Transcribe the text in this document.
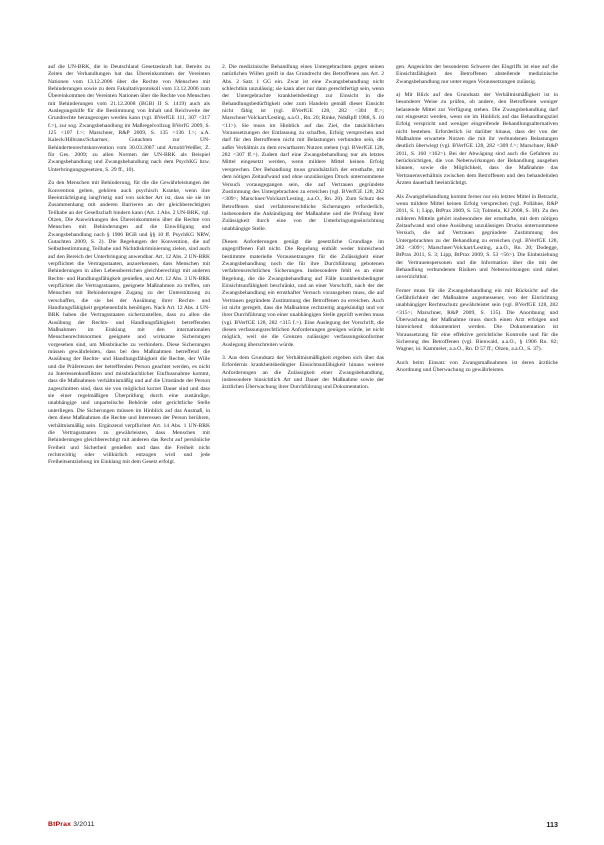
auf die UN-BRK, die in Deutschland Gesetzeskraft hat. Bereits zu Zeiten der Verhandlungen hat das Übereinkommen der Vereinten Nationen vom 13.12.2006 über die Rechte von Menschen mit Behinderungen sowie zu dem Fakultativprotokoll vom 13.12.2006 zum Übereinkommen der Vereinten Nationen über die Rechte von Menschen mit Behinderungen vom 21.12.2008 (BGBl II S. 1419) auch als Auslegungshilfe für die Bestimmung von Inhalt und Reichweite der Grundrechte herangezogen werden kann (vgl. BVerfGE 111, 307 <317 f.>), zur sog. Zwangsbehandlung im Maßregelvollzug BVerfG 2009, S. 125 <107 f.>; Marschner, R&P 2009, S. 135 <136 f.>; a.A. Kaleck/Hilbrans/Scharmer, Gutachten zur UN-Behindertenrechtskonvention vom 30.03.2007 und Arnold/Weißer, Z. für Ges. 2009; zu allen Normen der UN-BRK als Beispiel Zwangsbehandlung und Zwangsbehandlung nach dem PsychKG bzw. Unterbringungsgesetzen, S. 29 ff., 10).

Zu den Menschen mit Behinderung, für die die Gewährleistungen der Konvention gelten, gehören auch psychisch Kranke, wenn ihre Beeinträchtigung langfristig und von solcher Art ist, dass sie sie im Zusammenhang mit anderen Barrieren an der gleichberechtigten Teilhabe an der Gesellschaft hindern kann (Art. 1 Abs. 2 UN-BRK, vgl. Olzen, Die Auswirkungen des Übereinkommens über die Rechte von Menschen mit Behinderungen auf die Einwilligung und Zwangsbehandlung nach § 1906 BGB und §§ 10 ff. PsychKG NRW, Gutachten 2009, S. 2). Die Regelungen der Konvention, die auf Selbstbestimmung, Teilhabe und Nichtdiskriminierung zielen, sind auch auf den Bereich der Unterbringung anwendbar. Art. 12 Abs. 2 UN-BRK verpflichtet die Vertragsstaaten, anzuerkennen, dass Menschen mit Behinderungen in allen Lebensbereichen gleichberechtigt mit anderen Rechts- und Handlungsfähigkeit genießen, und Art. 12 Abs. 3 UN-BRK verpflichtet die Vertragsstaaten, geeignete Maßnahmen zu treffen, um Menschen mit Behinderungen Zugang zu der Unterstützung zu verschaffen, die sie bei der Ausübung ihrer Rechts- und Handlungsfähigkeit gegebenenfalls benötigen. Nach Art. 12 Abs. 4 UN-BRK haben die Vertragsstaaten sicherzustellen, dass zu allen die Ausübung der Rechts- und Handlungsfähigkeit betreffenden Maßnahmen im Einklang mit den internationalen Menschenrechtsnormen geeignete und wirksame Sicherungen vorgesehen sind, um Missbräuche zu verhindern. Diese Sicherungen müssen gewährleisten, dass bei den Maßnahmen betreffend die Ausübung der Rechts- und Handlungsfähigkeit die Rechte, der Wille und die Präferenzen der betreffenden Person geachtet werden, es nicht zu Interessenkonflikten und missbräuchlicher Einflussnahme kommt, dass die Maßnahmen verhältnismäßig und auf die Umstände der Person zugeschnitten sind, dass sie von möglichst kurzer Dauer sind und dass sie einer regelmäßigen Überprüfung durch eine zuständige, unabhängige und unparteiische Behörde oder gerichtliche Stelle unterliegen. Die Sicherungen müssen im Hinblick auf das Ausmaß, in dem diese Maßnahmen die Rechte und Interessen der Person berühren, verhältnismäßig sein. Ergänzend verpflichtet Art. 14 Abs. 1 UN-BRK die Vertragsstaaten zu gewährleisten, dass Menschen mit Behinderungen gleichberechtigt mit anderen das Recht auf persönliche Freiheit und Sicherheit genießen und dass die Freiheit nicht rechtswidrig oder willkürlich entzogen wird und jede Freiheitsentziehung im Einklang mit dem Gesetz erfolgt.

2. Die medizinische Behandlung eines Untergebrachten gegen seinen natürlichen Willen greift in das Grundrecht des Betroffenen aus Art. 2 Abs. 2 Satz 1 GG ein. Zwar ist eine Zwangsbehandlung nicht schlechthin unzulässig; sie kann aber nur dann gerechtfertigt sein, wenn der Untergebrachte krankheitsbedingt zur Einsicht in die Behandlungsbedürftigkeit oder zum Handeln gemäß dieser Einsicht nicht fähig ist (vgl. BVerfGE 128, 282 <304 ff.>; Marschner/Volckart/Lesting, a.a.O., Rn. 20; Rinke, NdsRpfl 1988, S. 10 <11>). Sie muss im Hinblick auf das Ziel, die tatsächlichen Voraussetzungen der Entlassung zu schaffen, Erfolg versprechen und darf für den Betroffenen nicht mit Belastungen verbunden sein, die außer Verhältnis zu dem erwartbaren Nutzen stehen (vgl. BVerfGE 128, 282 <307 ff.>). Zudem darf eine Zwangsbehandlung nur als letztes Mittel eingesetzt werden, wenn mildere Mittel keinen Erfolg versprechen. Der Behandlung muss grundsätzlich der ernsthafte, mit dem nötigen Zeitaufwand und ohne unzulässigen Druck unternommene Versuch vorausgegangen sein, die auf Vertrauen gegründete Zustimmung des Untergebrachten zu erreichen (vgl. BVerfGE 128, 282 <309>; Marschner/Volckart/Lesting, a.a.O., Rn. 20). Zum Schutz des Betroffenen sind verfahrensrechtliche Sicherungen erforderlich, insbesondere die Ankündigung der Maßnahme und die Prüfung ihrer Zulässigkeit durch eine von der Unterbringungseinrichtung unabhängige Stelle.

Diesen Anforderungen genügt die gesetzliche Grundlage im angegriffenen Fall nicht. Die Regelung enthält weder hinreichend bestimmte materielle Voraussetzungen für die Zulässigkeit einer Zwangsbehandlung noch die für ihre Durchführung gebotenen verfahrensrechtlichen Sicherungen. Insbesondere fehlt es an einer Regelung, die die Zwangsbehandlung auf Fälle krankheitsbedingter Einsichtsunfähigkeit beschränkt, und an einer Vorschrift, nach der der Zwangsbehandlung ein ernsthafter Versuch vorausgehen muss, die auf Vertrauen gegründete Zustimmung des Betroffenen zu erreichen. Auch ist nicht geregelt, dass die Maßnahme rechtzeitig angekündigt und vor ihrer Durchführung von einer unabhängigen Stelle geprüft werden muss (vgl. BVerfGE 128, 282 <315 f.>). Eine Auslegung der Vorschrift, die diesen verfassungsrechtlichen Anforderungen genügen würde, ist nicht möglich, weil sie die Grenzen zulässiger verfassungskonformer Auslegung überschreiten würde.

3. Aus dem Grundsatz der Verhältnismäßigkeit ergeben sich über das Erfordernis krankheitsbedingter Einsichtsunfähigkeit hinaus weitere Anforderungen an die Zulässigkeit einer Zwangsbehandlung, insbesondere hinsichtlich Art und Dauer der Maßnahme sowie der ärztlichen Überwachung ihrer Durchführung und Dokumentation.

gen. Angesichts der besonderen Schwere des Eingriffs ist eine auf die Einsichtsfähigkeit des Betroffenen abstellende medizinische Zwangsbehandlung nur unter engen Voraussetzungen zulässig.

a) Mit Blick auf den Grundsatz der Verhältnismäßigkeit ist in besonderer Weise zu prüfen, ob andere, den Betroffenen weniger belastende Mittel zur Verfügung stehen. Die Zwangsbehandlung darf nur eingesetzt werden, wenn sie im Hinblick auf das Behandlungsziel Erfolg verspricht und weniger eingreifende Behandlungsalternativen nicht bestehen. Erforderlich ist darüber hinaus, dass der von der Maßnahme erwartete Nutzen die mit ihr verbundenen Belastungen deutlich überwiegt (vgl. BVerfGE 128, 282 <309 f.>; Marschner, R&P 2011, S. 160 <162>). Bei der Abwägung sind auch die Gefahren zu berücksichtigen, die von Nebenwirkungen der Behandlung ausgehen können, sowie die Möglichkeit, dass die Maßnahme das Vertrauensverhältnis zwischen dem Betroffenen und den behandelnden Ärzten dauerhaft beeinträchtigt.

Als Zwangsbehandlung kommt ferner nur ein letztes Mittel in Betracht, wenn mildere Mittel keinen Erfolg versprechen (vgl. Pollähne, R&P 2011, S. 1; Lipp, BtPrax 2009, S. 53; Tolmein, KJ 2008, S. 38). Zu den milderen Mitteln gehört insbesondere der ernsthafte, mit dem nötigen Zeitaufwand und ohne Ausübung unzulässigen Drucks unternommene Versuch, die auf Vertrauen gegründete Zustimmung des Untergebrachten zu der Behandlung zu erreichen (vgl. BVerfGE 128, 282 <309>; Marschner/Volckart/Lesting, a.a.O., Rn. 20; Dodegge, BtPrax 2011, S. 3; Lipp, BtPrax 2009, S. 53 <56>). Die Einbeziehung der Vertrauenspersonen und die Information über die mit der Behandlung verbundenen Risiken und Nebenwirkungen sind dabei unverzichtbar.

Ferner muss für die Zwangsbehandlung ein mit Rücksicht auf die Gefährlichkeit der Maßnahme angemessener, von der Einrichtung unabhängiger Rechtsschutz gewährleistet sein (vgl. BVerfGE 128, 282 <315>; Marschner, R&P 2009, S. 135). Die Anordnung und Überwachung der Maßnahme muss durch einen Arzt erfolgen und hinreichend dokumentiert werden. Die Dokumentation ist Voraussetzung für eine effektive gerichtliche Kontrolle und für die Sicherung des Betroffenen (vgl. Bienwald, a.a.O., § 1906 Rn. 82; Wagner, in: Kammeier, a.a.O., Rn. D 57 ff.; Olzen, a.a.O., S. 37).

Auch beim Einsatz von Zwangsmaßnahmen ist deren ärztliche Anordnung und Überwachung zu gewährleisten.

BtPrax 3/2011	113
